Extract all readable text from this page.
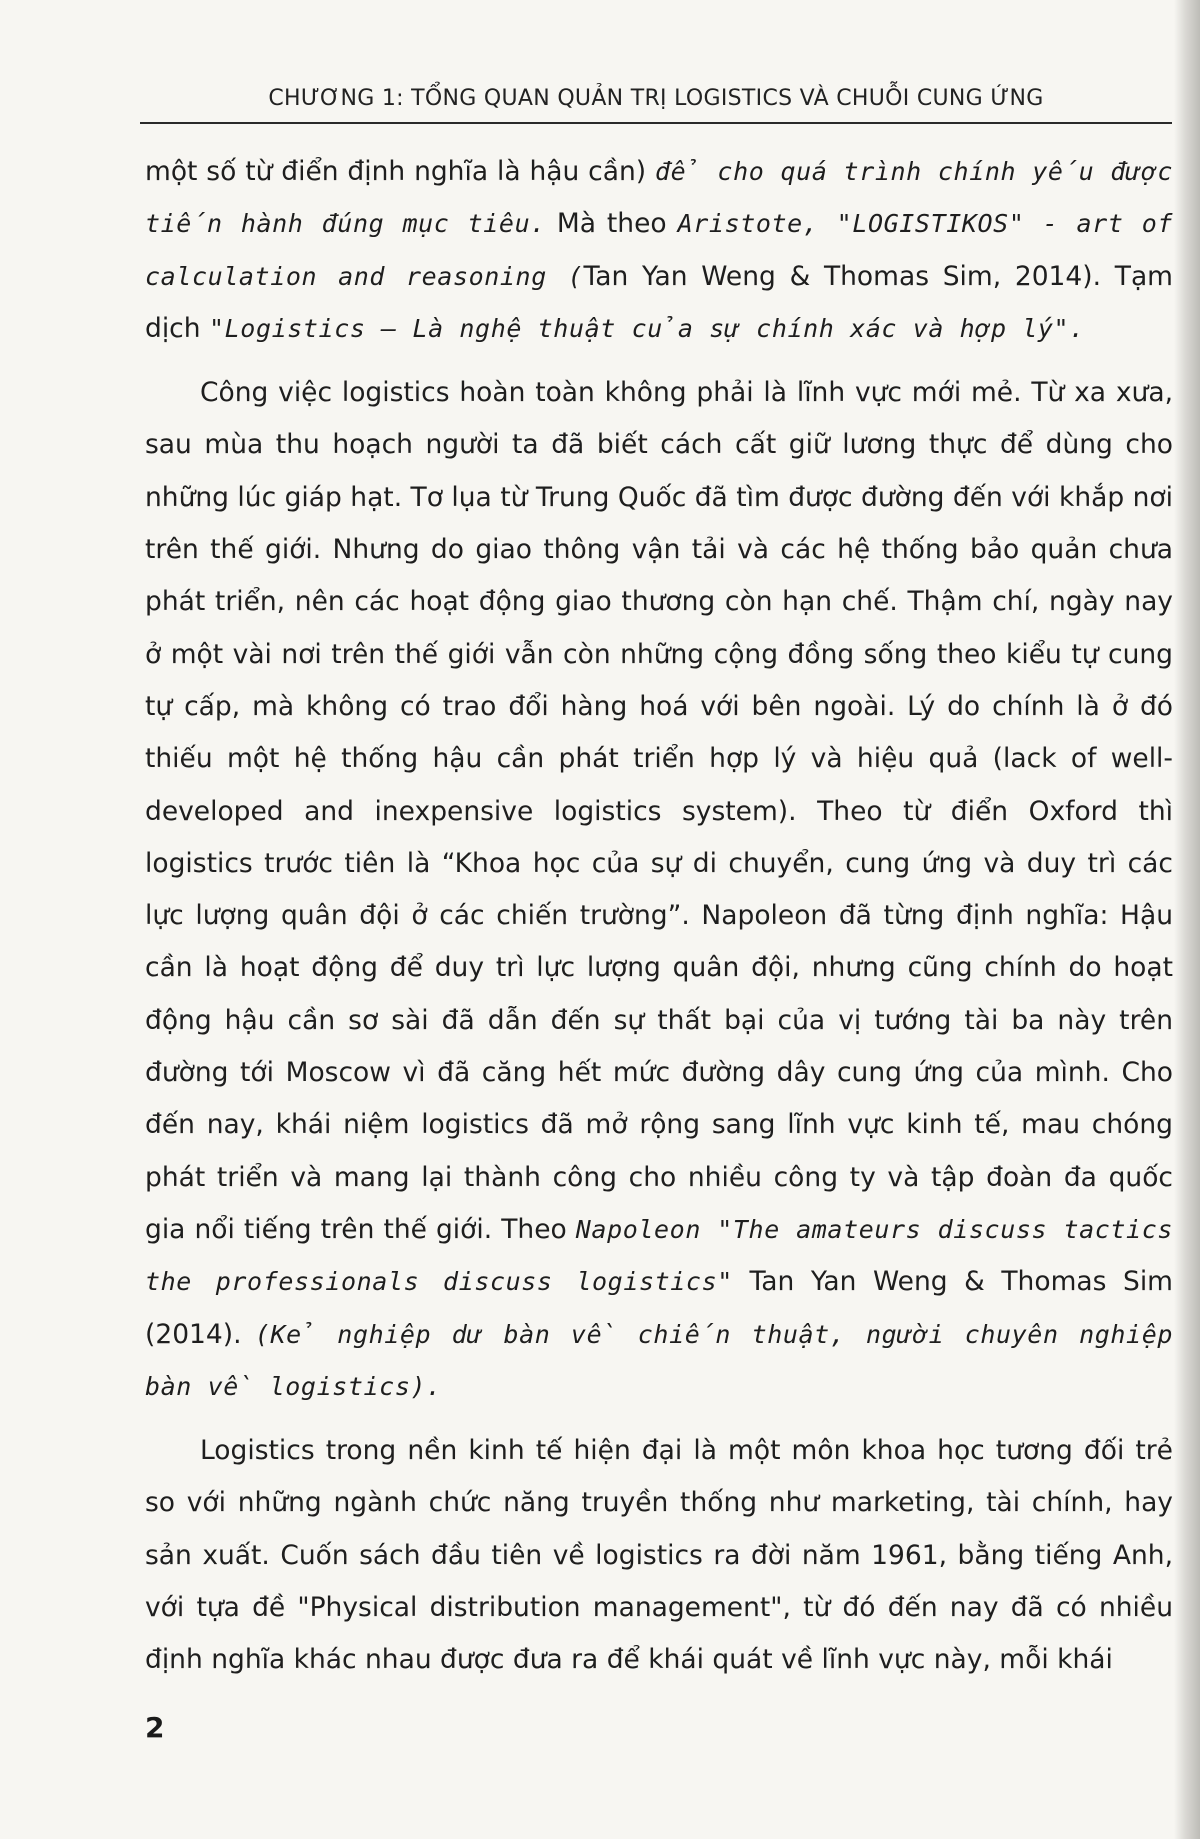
CHƯƠNG 1: TỔNG QUAN QUẢN TRỊ LOGISTICS VÀ CHUỖI CUNG ỨNG

một số từ điển định nghĩa là hậu cần) để cho quá trình chính yếu được tiến hành đúng mục tiêu. Mà theo Aristote, "LOGISTIKOS" - art of calculation and reasoning (Tan Yan Weng & Thomas Sim, 2014). Tạm dịch "Logistics – Là nghệ thuật của sự chính xác và hợp lý".

Công việc logistics hoàn toàn không phải là lĩnh vực mới mẻ. Từ xa xưa, sau mùa thu hoạch người ta đã biết cách cất giữ lương thực để dùng cho những lúc giáp hạt. Tơ lụa từ Trung Quốc đã tìm được đường đến với khắp nơi trên thế giới. Nhưng do giao thông vận tải và các hệ thống bảo quản chưa phát triển, nên các hoạt động giao thương còn hạn chế. Thậm chí, ngày nay ở một vài nơi trên thế giới vẫn còn những cộng đồng sống theo kiểu tự cung tự cấp, mà không có trao đổi hàng hoá với bên ngoài. Lý do chính là ở đó thiếu một hệ thống hậu cần phát triển hợp lý và hiệu quả (lack of well-developed and inexpensive logistics system). Theo từ điển Oxford thì logistics trước tiên là “Khoa học của sự di chuyển, cung ứng và duy trì các lực lượng quân đội ở các chiến trường”. Napoleon đã từng định nghĩa: Hậu cần là hoạt động để duy trì lực lượng quân đội, nhưng cũng chính do hoạt động hậu cần sơ sài đã dẫn đến sự thất bại của vị tướng tài ba này trên đường tới Moscow vì đã căng hết mức đường dây cung ứng của mình. Cho đến nay, khái niệm logistics đã mở rộng sang lĩnh vực kinh tế, mau chóng phát triển và mang lại thành công cho nhiều công ty và tập đoàn đa quốc gia nổi tiếng trên thế giới. Theo Napoleon "The amateurs discuss tactics the professionals discuss logistics" Tan Yan Weng & Thomas Sim (2014). (Kẻ nghiệp dư bàn về chiến thuật, người chuyên nghiệp bàn về logistics).

Logistics trong nền kinh tế hiện đại là một môn khoa học tương đối trẻ so với những ngành chức năng truyền thống như marketing, tài chính, hay sản xuất. Cuốn sách đầu tiên về logistics ra đời năm 1961, bằng tiếng Anh, với tựa đề "Physical distribution management", từ đó đến nay đã có nhiều định nghĩa khác nhau được đưa ra để khái quát về lĩnh vực này, mỗi khái

2
